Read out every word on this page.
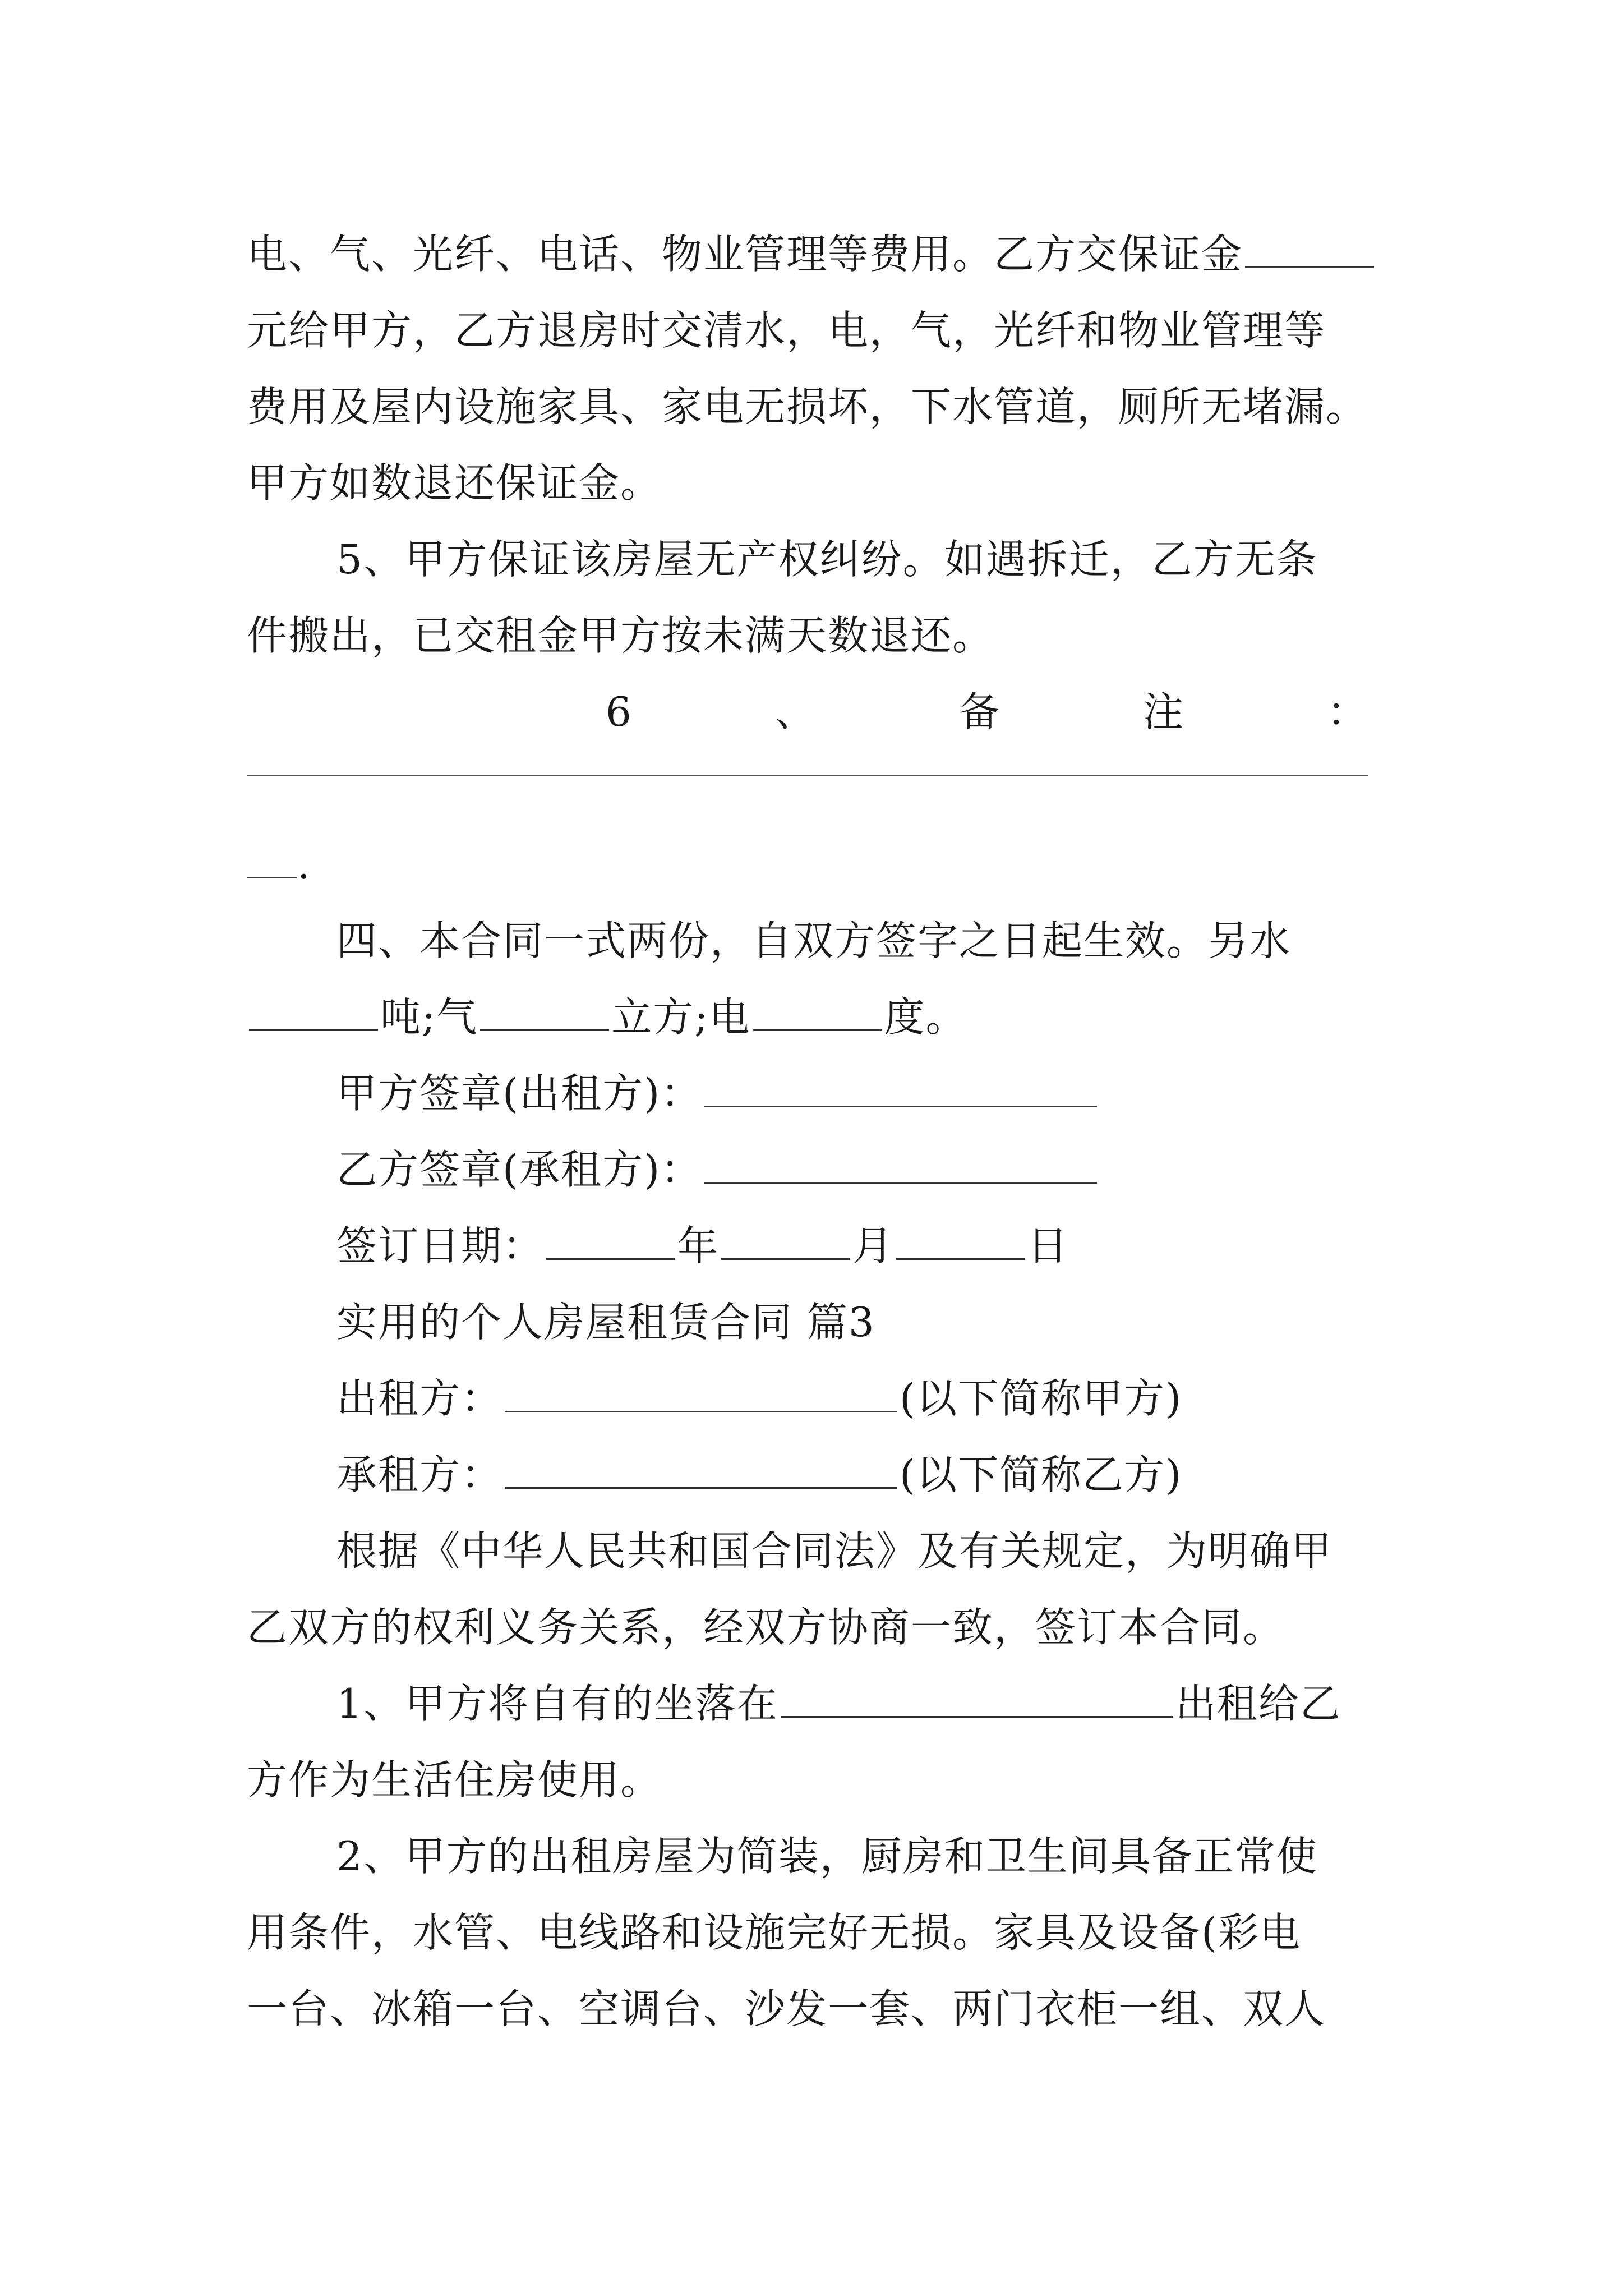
电、气、光纤、电话、物业管理等费用。乙方交保证金
元给甲方，乙方退房时交清水，电，气，光纤和物业管理等
费用及屋内设施家具、家电无损坏，下水管道，厕所无堵漏。
甲方如数退还保证金。
5、甲方保证该房屋无产权纠纷。如遇拆迁，乙方无条
件搬出，已交租金甲方按未满天数退还。
6	、	备	注	：
.
四、本合同一式两份，自双方签字之日起生效。另水
吨;气	立方;电	度。
甲方签章(出租方)：
乙方签章(承租方)：
签订日期：	年	月	日
实用的个人房屋租赁合同 篇3
出租方：	(以下简称甲方)
承租方：	(以下简称乙方)
根据《中华人民共和国合同法》及有关规定，为明确甲
乙双方的权利义务关系，经双方协商一致，签订本合同。
1、甲方将自有的坐落在	出租给乙
方作为生活住房使用。
2、甲方的出租房屋为简装，厨房和卫生间具备正常使
用条件，水管、电线路和设施完好无损。家具及设备(彩电
一台、冰箱一台、空调台、沙发一套、两门衣柜一组、双人
